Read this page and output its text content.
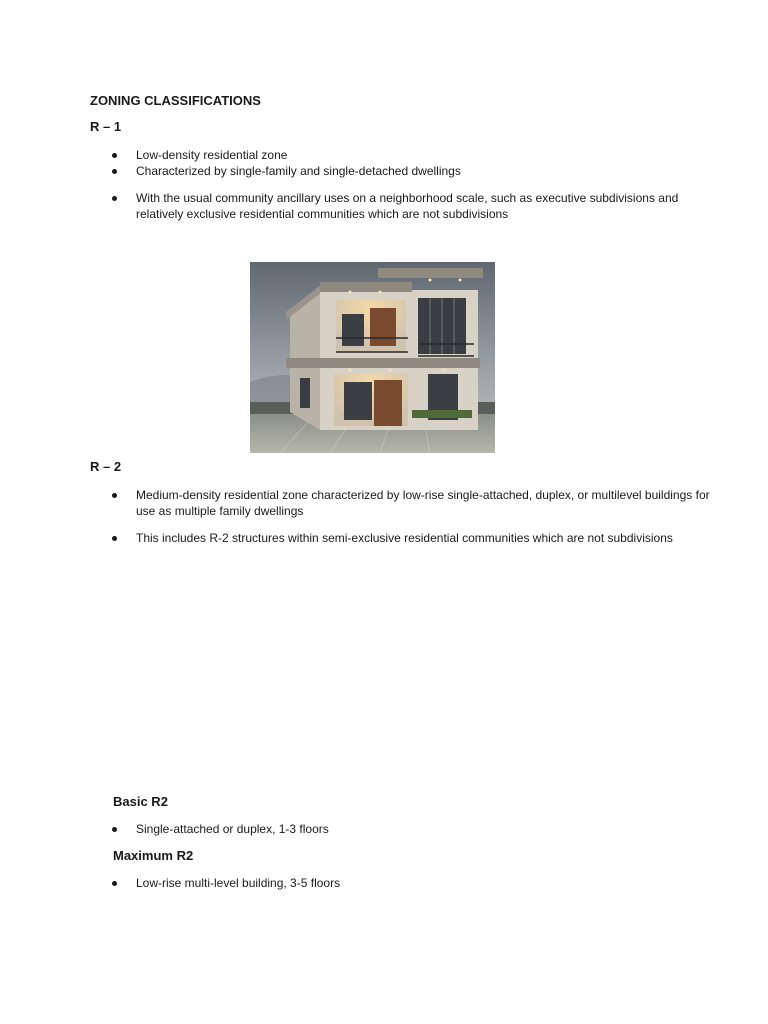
ZONING CLASSIFICATIONS
R – 1
Low-density residential zone
Characterized by single-family and single-detached dwellings
With the usual community ancillary uses on a neighborhood scale, such as executive subdivisions and relatively exclusive residential communities which are not subdivisions
R – 2
Medium-density residential zone characterized by low-rise single-attached, duplex, or multilevel buildings for use as multiple family dwellings
This includes R-2 structures within semi-exclusive residential communities which are not subdivisions
Basic R2
Single-attached or duplex, 1-3 floors
Maximum R2
Low-rise multi-level building, 3-5 floors
